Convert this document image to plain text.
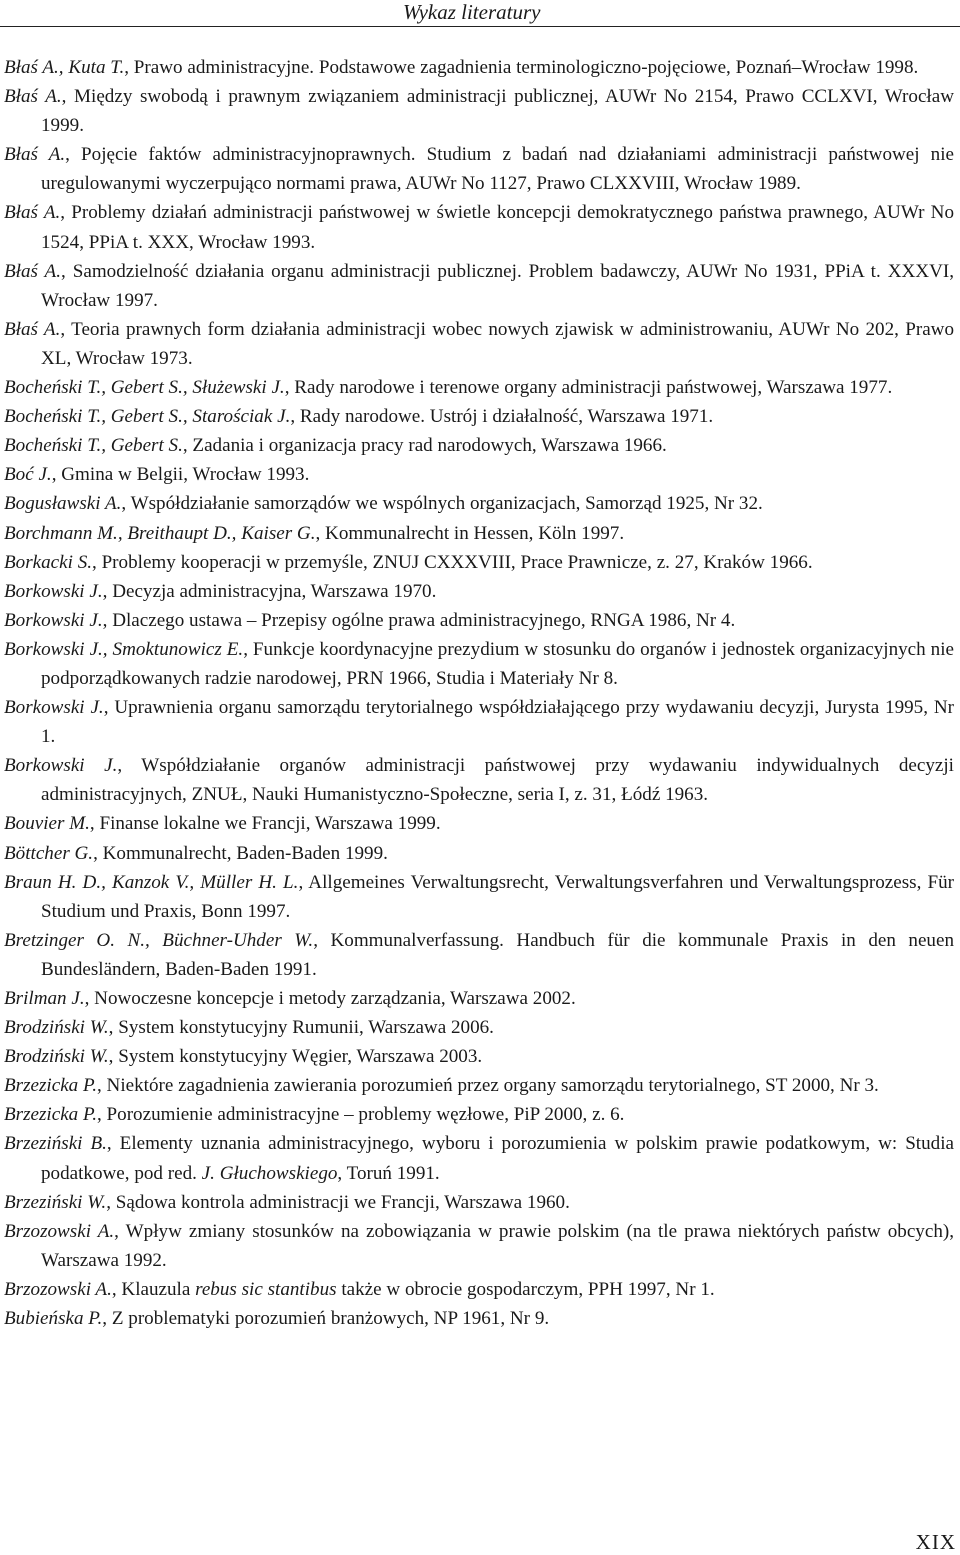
Wykaz literatury

Błaś A., Kuta T., Prawo administracyjne. Podstawowe zagadnienia terminologiczno-pojęciowe, Poznań–Wrocław 1998.

Błaś A., Między swobodą i prawnym związaniem administracji publicznej, AUWr No 2154, Prawo CCLXVI, Wrocław 1999.

Błaś A., Pojęcie faktów administracyjnoprawnych. Studium z badań nad działaniami administracji państwowej nie uregulowanymi wyczerpująco normami prawa, AUWr No 1127, Prawo CLXXVIII, Wrocław 1989.

Błaś A., Problemy działań administracji państwowej w świetle koncepcji demokratycznego państwa prawnego, AUWr No 1524, PPiA t. XXX, Wrocław 1993.

Błaś A., Samodzielność działania organu administracji publicznej. Problem badawczy, AUWr No 1931, PPiA t. XXXVI, Wrocław 1997.

Błaś A., Teoria prawnych form działania administracji wobec nowych zjawisk w administrowaniu, AUWr No 202, Prawo XL, Wrocław 1973.

Bocheński T., Gebert S., Służewski J., Rady narodowe i terenowe organy administracji państwowej, Warszawa 1977.

Bocheński T., Gebert S., Starościak J., Rady narodowe. Ustrój i działalność, Warszawa 1971.

Bocheński T., Gebert S., Zadania i organizacja pracy rad narodowych, Warszawa 1966.

Boć J., Gmina w Belgii, Wrocław 1993.

Bogusławski A., Współdziałanie samorządów we wspólnych organizacjach, Samorząd 1925, Nr 32.

Borchmann M., Breithaupt D., Kaiser G., Kommunalrecht in Hessen, Köln 1997.

Borkacki S., Problemy kooperacji w przemyśle, ZNUJ CXXXVIII, Prace Prawnicze, z. 27, Kraków 1966.

Borkowski J., Decyzja administracyjna, Warszawa 1970.

Borkowski J., Dlaczego ustawa – Przepisy ogólne prawa administracyjnego, RNGA 1986, Nr 4.

Borkowski J., Smoktunowicz E., Funkcje koordynacyjne prezydium w stosunku do organów i jednostek organizacyjnych nie podporządkowanych radzie narodowej, PRN 1966, Studia i Materiały Nr 8.

Borkowski J., Uprawnienia organu samorządu terytorialnego współdziałającego przy wydawaniu decyzji, Jurysta 1995, Nr 1.

Borkowski J., Współdziałanie organów administracji państwowej przy wydawaniu indywidualnych decyzji administracyjnych, ZNUŁ, Nauki Humanistyczno-Społeczne, seria I, z. 31, Łódź 1963.

Bouvier M., Finanse lokalne we Francji, Warszawa 1999.

Böttcher G., Kommunalrecht, Baden-Baden 1999.

Braun H. D., Kanzok V., Müller H. L., Allgemeines Verwaltungsrecht, Verwaltungsverfahren und Verwaltungsprozess, Für Studium und Praxis, Bonn 1997.

Bretzinger O. N., Büchner-Uhder W., Kommunalverfassung. Handbuch für die kommunale Praxis in den neuen Bundesländern, Baden-Baden 1991.

Brilman J., Nowoczesne koncepcje i metody zarządzania, Warszawa 2002.

Brodziński W., System konstytucyjny Rumunii, Warszawa 2006.

Brodziński W., System konstytucyjny Węgier, Warszawa 2003.

Brzezicka P., Niektóre zagadnienia zawierania porozumień przez organy samorządu terytorialnego, ST 2000, Nr 3.

Brzezicka P., Porozumienie administracyjne – problemy węzłowe, PiP 2000, z. 6.

Brzeziński B., Elementy uznania administracyjnego, wyboru i porozumienia w polskim prawie podatkowym, w: Studia podatkowe, pod red. J. Głuchowskiego, Toruń 1991.

Brzeziński W., Sądowa kontrola administracji we Francji, Warszawa 1960.

Brzozowski A., Wpływ zmiany stosunków na zobowiązania w prawie polskim (na tle prawa niektórych państw obcych), Warszawa 1992.

Brzozowski A., Klauzula rebus sic stantibus także w obrocie gospodarczym, PPH 1997, Nr 1.

Bubieńska P., Z problematyki porozumień branżowych, NP 1961, Nr 9.

XIX
